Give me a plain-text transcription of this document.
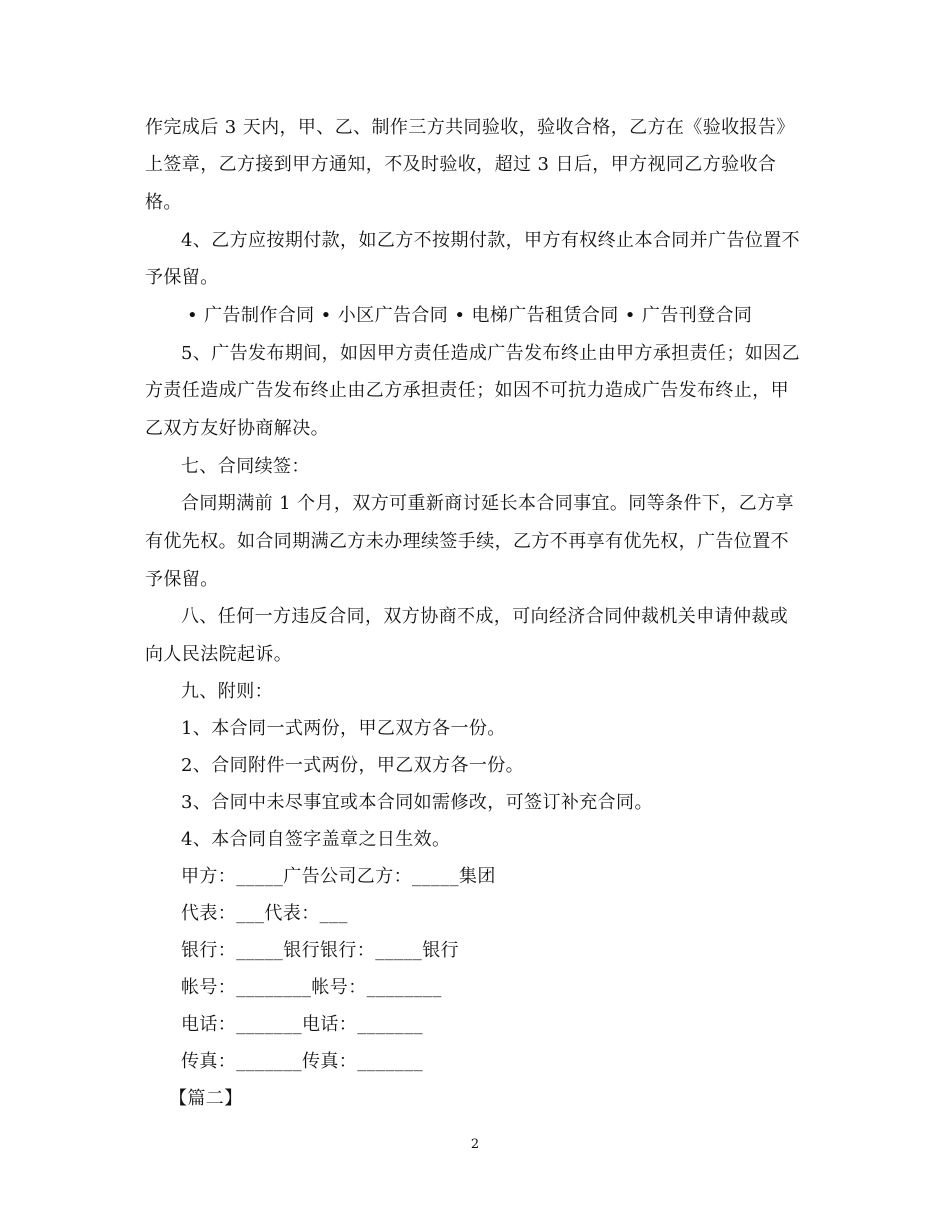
作完成后 3 天内，甲、乙、制作三方共同验收，验收合格，乙方在《验收报告》
上签章，乙方接到甲方通知，不及时验收，超过 3 日后，甲方视同乙方验收合
格。
4、乙方应按期付款，如乙方不按期付款，甲方有权终止本合同并广告位置不
予保留。
• 广告制作合同 • 小区广告合同 • 电梯广告租赁合同 • 广告刊登合同
5、广告发布期间，如因甲方责任造成广告发布终止由甲方承担责任；如因乙
方责任造成广告发布终止由乙方承担责任；如因不可抗力造成广告发布终止，甲
乙双方友好协商解决。
七、合同续签：
合同期满前 1 个月，双方可重新商讨延长本合同事宜。同等条件下，乙方享
有优先权。如合同期满乙方未办理续签手续，乙方不再享有优先权，广告位置不
予保留。
八、任何一方违反合同，双方协商不成，可向经济合同仲裁机关申请仲裁或
向人民法院起诉。
九、附则：
1、本合同一式两份，甲乙双方各一份。
2、合同附件一式两份，甲乙双方各一份。
3、合同中未尽事宜或本合同如需修改，可签订补充合同。
4、本合同自签字盖章之日生效。
甲方：_____广告公司乙方：_____集团
代表：___代表：___
银行：_____银行银行：_____银行
帐号：________帐号：________
电话：_______电话：_______
传真：_______传真：_______
【篇二】
2
